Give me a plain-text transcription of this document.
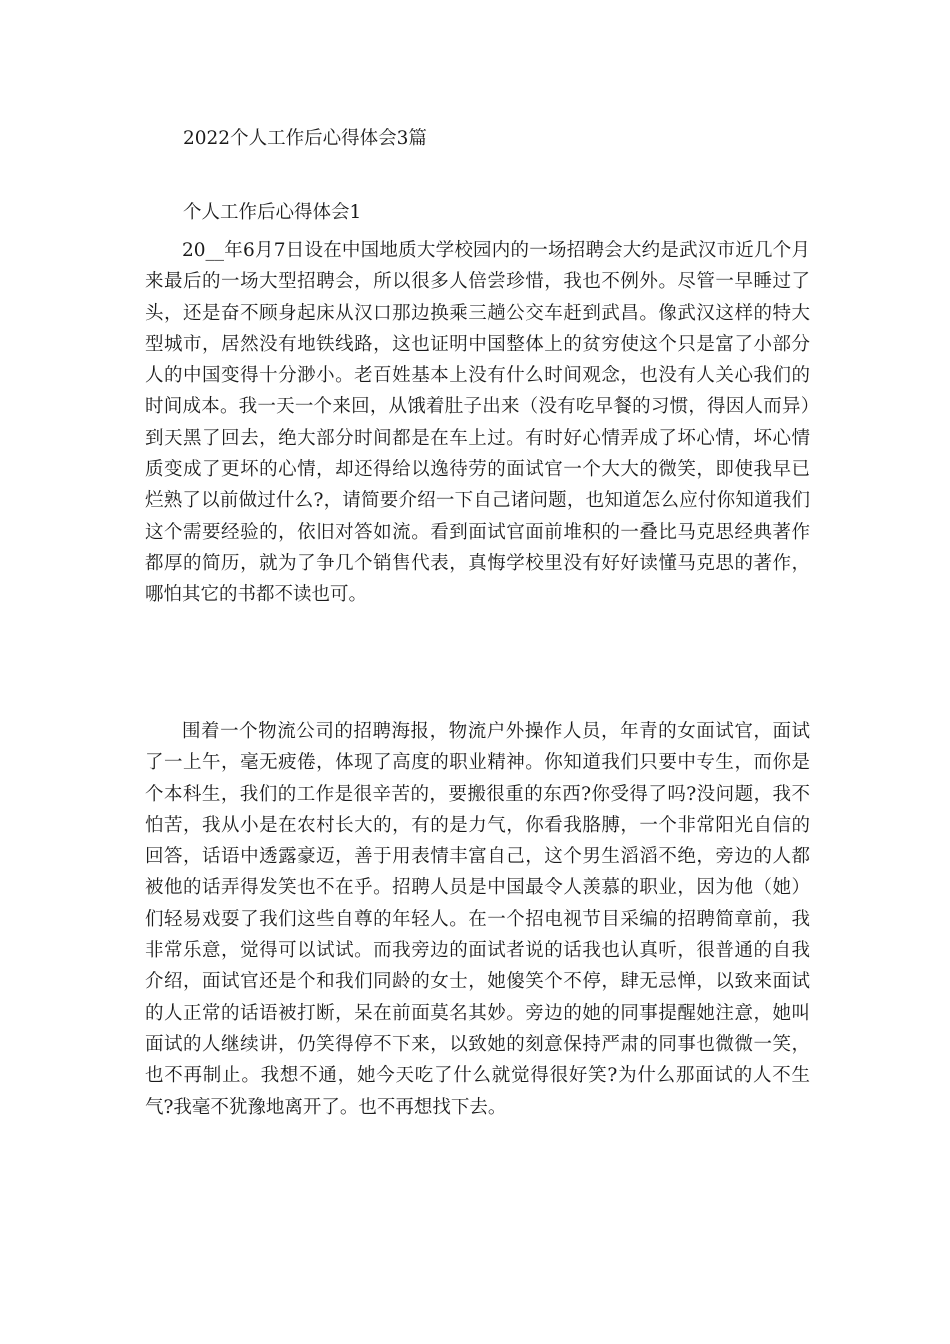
2022个人工作后心得体会3篇
个人工作后心得体会1

20__年6月7日设在中国地质大学校园内的一场招聘会大约是武汉市近几个月来最后的一场大型招聘会，所以很多人倍尝珍惜，我也不例外。尽管一早睡过了头，还是奋不顾身起床从汉口那边换乘三趟公交车赶到武昌。像武汉这样的特大型城市，居然没有地铁线路，这也证明中国整体上的贫穷使这个只是富了小部分人的中国变得十分渺小。老百姓基本上没有什么时间观念，也没有人关心我们的时间成本。我一天一个来回，从饿着肚子出来（没有吃早餐的习惯，得因人而异）到天黑了回去，绝大部分时间都是在车上过。有时好心情弄成了坏心情，坏心情质变成了更坏的心情，却还得给以逸待劳的面试官一个大大的微笑，即使我早已烂熟了以前做过什么?，请简要介绍一下自己诸问题，也知道怎么应付你知道我们这个需要经验的，依旧对答如流。看到面试官面前堆积的一叠比马克思经典著作都厚的简历，就为了争几个销售代表，真悔学校里没有好好读懂马克思的著作，哪怕其它的书都不读也可。

围着一个物流公司的招聘海报，物流户外操作人员，年青的女面试官，面试了一上午，毫无疲倦，体现了高度的职业精神。你知道我们只要中专生，而你是个本科生，我们的工作是很辛苦的，要搬很重的东西?你受得了吗?没问题，我不怕苦，我从小是在农村长大的，有的是力气，你看我胳膊，一个非常阳光自信的回答，话语中透露豪迈，善于用表情丰富自己，这个男生滔滔不绝，旁边的人都被他的话弄得发笑也不在乎。招聘人员是中国最令人羡慕的职业，因为他（她）们轻易戏耍了我们这些自尊的年轻人。在一个招电视节目采编的招聘简章前，我非常乐意，觉得可以试试。而我旁边的面试者说的话我也认真听，很普通的自我介绍，面试官还是个和我们同龄的女士，她傻笑个不停，肆无忌惮，以致来面试的人正常的话语被打断，呆在前面莫名其妙。旁边的她的同事提醒她注意，她叫面试的人继续讲，仍笑得停不下来，以致她的刻意保持严肃的同事也微微一笑，也不再制止。我想不通，她今天吃了什么就觉得很好笑?为什么那面试的人不生气?我毫不犹豫地离开了。也不再想找下去。
